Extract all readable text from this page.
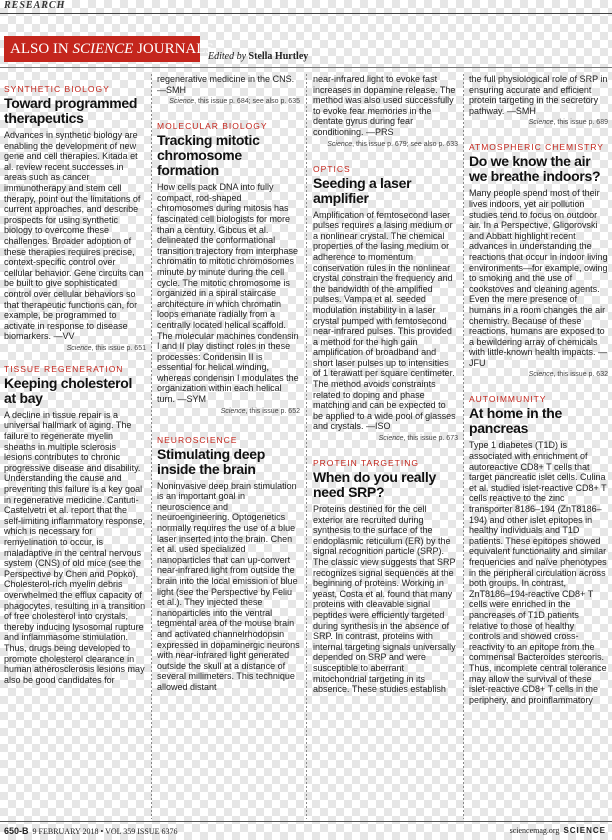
RESEARCH
ALSO IN SCIENCE JOURNALS
Edited by Stella Hurtley
SYNTHETIC BIOLOGY
Toward programmed therapeutics

Advances in synthetic biology are enabling the development of new gene and cell therapies. Kitada et al. review recent successes in areas such as cancer immunotherapy and stem cell therapy, point out the limitations of current approaches, and describe prospects for using synthetic biology to overcome these challenges. Broader adoption of these therapies requires precise, context-specific control over cellular behavior. Gene circuits can be built to give sophisticated control over cellular behaviors so that therapeutic functions can, for example, be programmed to activate in response to disease biomarkers. —VV

Science, this issue p. 651
TISSUE REGENERATION
Keeping cholesterol at bay

A decline in tissue repair is a universal hallmark of aging. The failure to regenerate myelin sheaths in multiple sclerosis lesions contributes to chronic progressive disease and disability. Understanding the cause and preventing this failure is a key goal in regenerative medicine. Cantuti-Castelvetri et al. report that the self-limiting inflammatory response, which is necessary for remyelination to occur, is maladaptive in the central nervous system (CNS) of old mice (see the Perspective by Chen and Popko). Cholesterol-rich myelin debris overwhelmed the efflux capacity of phagocytes, resulting in a transition of free cholesterol into crystals, thereby inducing lysosomal rupture and inflammasome stimulation. Thus, drugs being developed to promote cholesterol clearance in human atherosclerosis lesions may also be good candidates for

regenerative medicine in the CNS. —SMH

Science, this issue p. 684; see also p. 635
MOLECULAR BIOLOGY
Tracking mitotic chromosome formation

How cells pack DNA into fully compact, rod-shaped chromosomes during mitosis has fascinated cell biologists for more than a century. Gibcus et al. delineated the conformational transition trajectory from interphase chromatin to mitotic chromosomes minute by minute during the cell cycle. The mitotic chromosome is organized in a spiral staircase architecture in which chromatin loops emanate radially from a centrally located helical scaffold. The molecular machines condensin I and II play distinct roles in these processes: Condensin II is essential for helical winding, whereas condensin I modulates the organization within each helical turn. —SYM

Science, this issue p. 652
NEUROSCIENCE
Stimulating deep inside the brain

Noninvasive deep brain stimulation is an important goal in neuroscience and neuroengineering. Optogenetics normally requires the use of a blue laser inserted into the brain. Chen et al. used specialized nanoparticles that can up-convert near-infrared light from outside the brain into the local emission of blue light (see the Perspective by Feliu et al.). They injected these nanoparticles into the ventral tegmental area of the mouse brain and activated channelrhodopsin expressed in dopaminergic neurons with near-infrared light generated outside the skull at a distance of several millimeters. This technique allowed distant

near-infrared light to evoke fast increases in dopamine release. The method was also used successfully to evoke fear memories in the dentate gyrus during fear conditioning. —PRS

Science, this issue p. 679; see also p. 633
OPTICS
Seeding a laser amplifier

Amplification of femtosecond laser pulses requires a lasing medium or a nonlinear crystal. The chemical properties of the lasing medium or adherence to momentum conservation rules in the nonlinear crystal constrain the frequency and the bandwidth of the amplified pulses. Vampa et al. seeded modulation instability in a laser crystal pumped with femtosecond near-infrared pulses. This provided a method for the high gain amplification of broadband and short laser pulses up to intensities of 1 terawatt per square centimeter. The method avoids constraints related to doping and phase matching and can be expected to be applied to a wide pool of glasses and crystals. —ISO

Science, this issue p. 673
PROTEIN TARGETING
When do you really need SRP?

Proteins destined for the cell exterior are recruited during synthesis to the surface of the endoplasmic reticulum (ER) by the signal recognition particle (SRP). The classic view suggests that SRP recognizes signal sequences at the beginning of proteins. Working in yeast, Costa et al. found that many proteins with cleavable signal peptides were efficiently targeted during synthesis in the absence of SRP. In contrast, proteins with internal targeting signals universally depended on SRP and were susceptible to aberrant mitochondrial targeting in its absence. These studies establish

the full physiological role of SRP in ensuring accurate and efficient protein targeting in the secretory pathway. —SMH

Science, this issue p. 689
ATMOSPHERIC CHEMISTRY
Do we know the air we breathe indoors?

Many people spend most of their lives indoors, yet air pollution studies tend to focus on outdoor air. In a Perspective, Gligorovski and Abbatt highlight recent advances in understanding the reactions that occur in indoor living environments—for example, owing to smoking and the use of cookstoves and cleaning agents. Even the mere presence of humans in a room changes the air chemistry. Because of these reactions, humans are exposed to a bewildering array of chemicals with little-known health impacts. —JFU

Science, this issue p. 632
AUTOIMMUNITY
At home in the pancreas

Type 1 diabetes (T1D) is associated with enrichment of autoreactive CD8+ T cells that target pancreatic islet cells. Culina et al. studied islet-reactive CD8+ T cells reactive to the zinc transporter 8186–194 (ZnT8186–194) and other islet epitopes in healthy individuals and T1D patients. These epitopes showed equivalent functionality and similar frequencies and naïve phenotypes in the peripheral circulation across both groups. In contrast, ZnT8186–194-reactive CD8+ T cells were enriched in the pancreases of T1D patients relative to those of healthy controls and showed cross-reactivity to an epitope from the commensal Bacteroides stercoris. Thus, incomplete central tolerance may allow the survival of these islet-reactive CD8+ T cells in the periphery, and proinflammatory

650-B 9 FEBRUARY 2018 • VOL 359 ISSUE 6376	sciencemag.org SCIENCE
